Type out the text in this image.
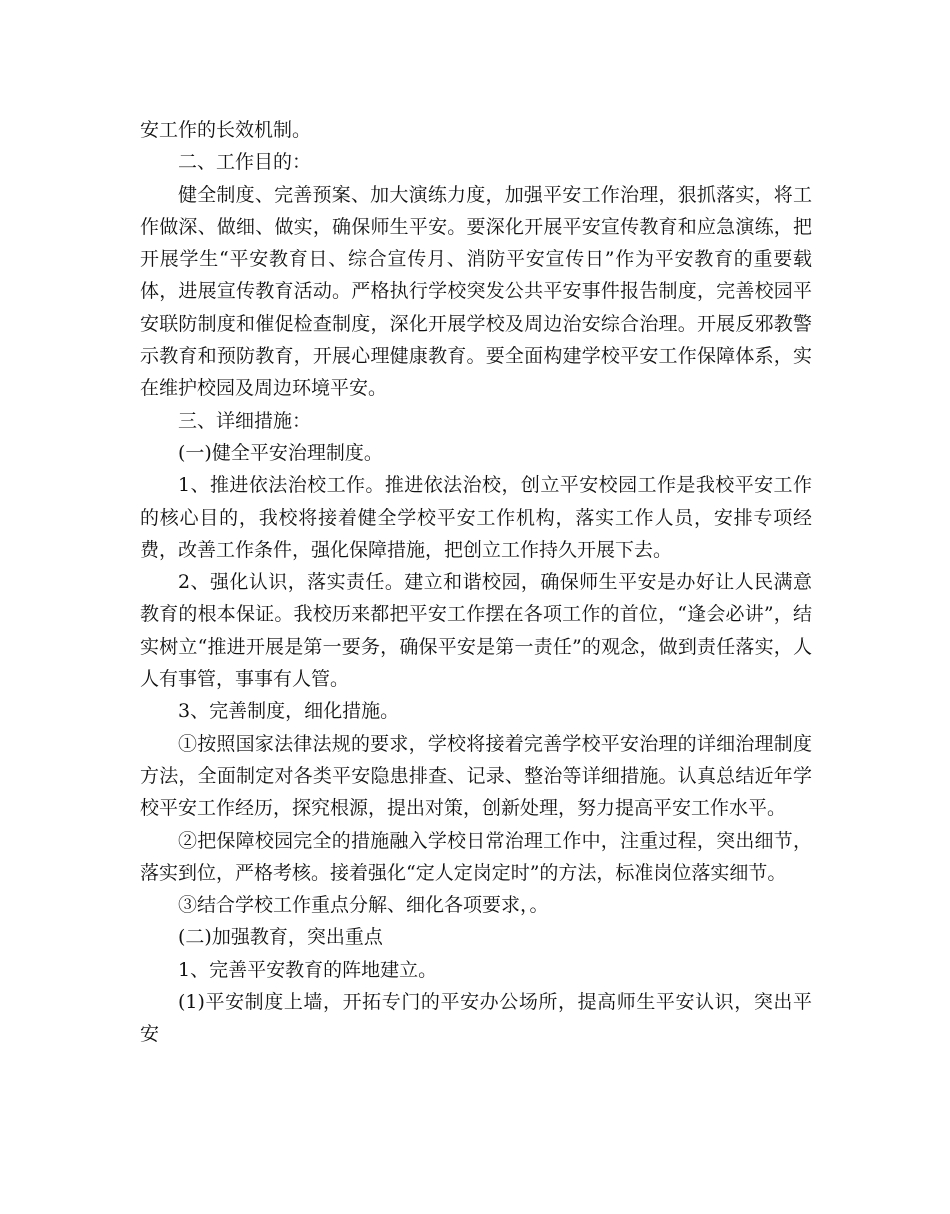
安工作的长效机制。

二、工作目的：

健全制度、完善预案、加大演练力度，加强平安工作治理，狠抓落实，将工作做深、做细、做实，确保师生平安。要深化开展平安宣传教育和应急演练，把开展学生“平安教育日、综合宣传月、消防平安宣传日”作为平安教育的重要载体，进展宣传教育活动。严格执行学校突发公共平安事件报告制度，完善校园平安联防制度和催促检查制度，深化开展学校及周边治安综合治理。开展反邪教警示教育和预防教育，开展心理健康教育。要全面构建学校平安工作保障体系，实在维护校园及周边环境平安。

三、详细措施：

(一)健全平安治理制度。

1、推进依法治校工作。推进依法治校，创立平安校园工作是我校平安工作的核心目的，我校将接着健全学校平安工作机构，落实工作人员，安排专项经费，改善工作条件，强化保障措施，把创立工作持久开展下去。

2、强化认识，落实责任。建立和谐校园，确保师生平安是办好让人民满意教育的根本保证。我校历来都把平安工作摆在各项工作的首位，“逢会必讲”，结实树立“推进开展是第一要务，确保平安是第一责任”的观念，做到责任落实，人人有事管，事事有人管。

3、完善制度，细化措施。

①按照国家法律法规的要求，学校将接着完善学校平安治理的详细治理制度方法，全面制定对各类平安隐患排查、记录、整治等详细措施。认真总结近年学校平安工作经历，探究根源，提出对策，创新处理，努力提高平安工作水平。

②把保障校园完全的措施融入学校日常治理工作中，注重过程，突出细节，落实到位，严格考核。接着强化“定人定岗定时”的方法，标准岗位落实细节。

③结合学校工作重点分解、细化各项要求，。

(二)加强教育，突出重点

1、完善平安教育的阵地建立。

(1)平安制度上墙，开拓专门的平安办公场所，提高师生平安认识，突出平安
